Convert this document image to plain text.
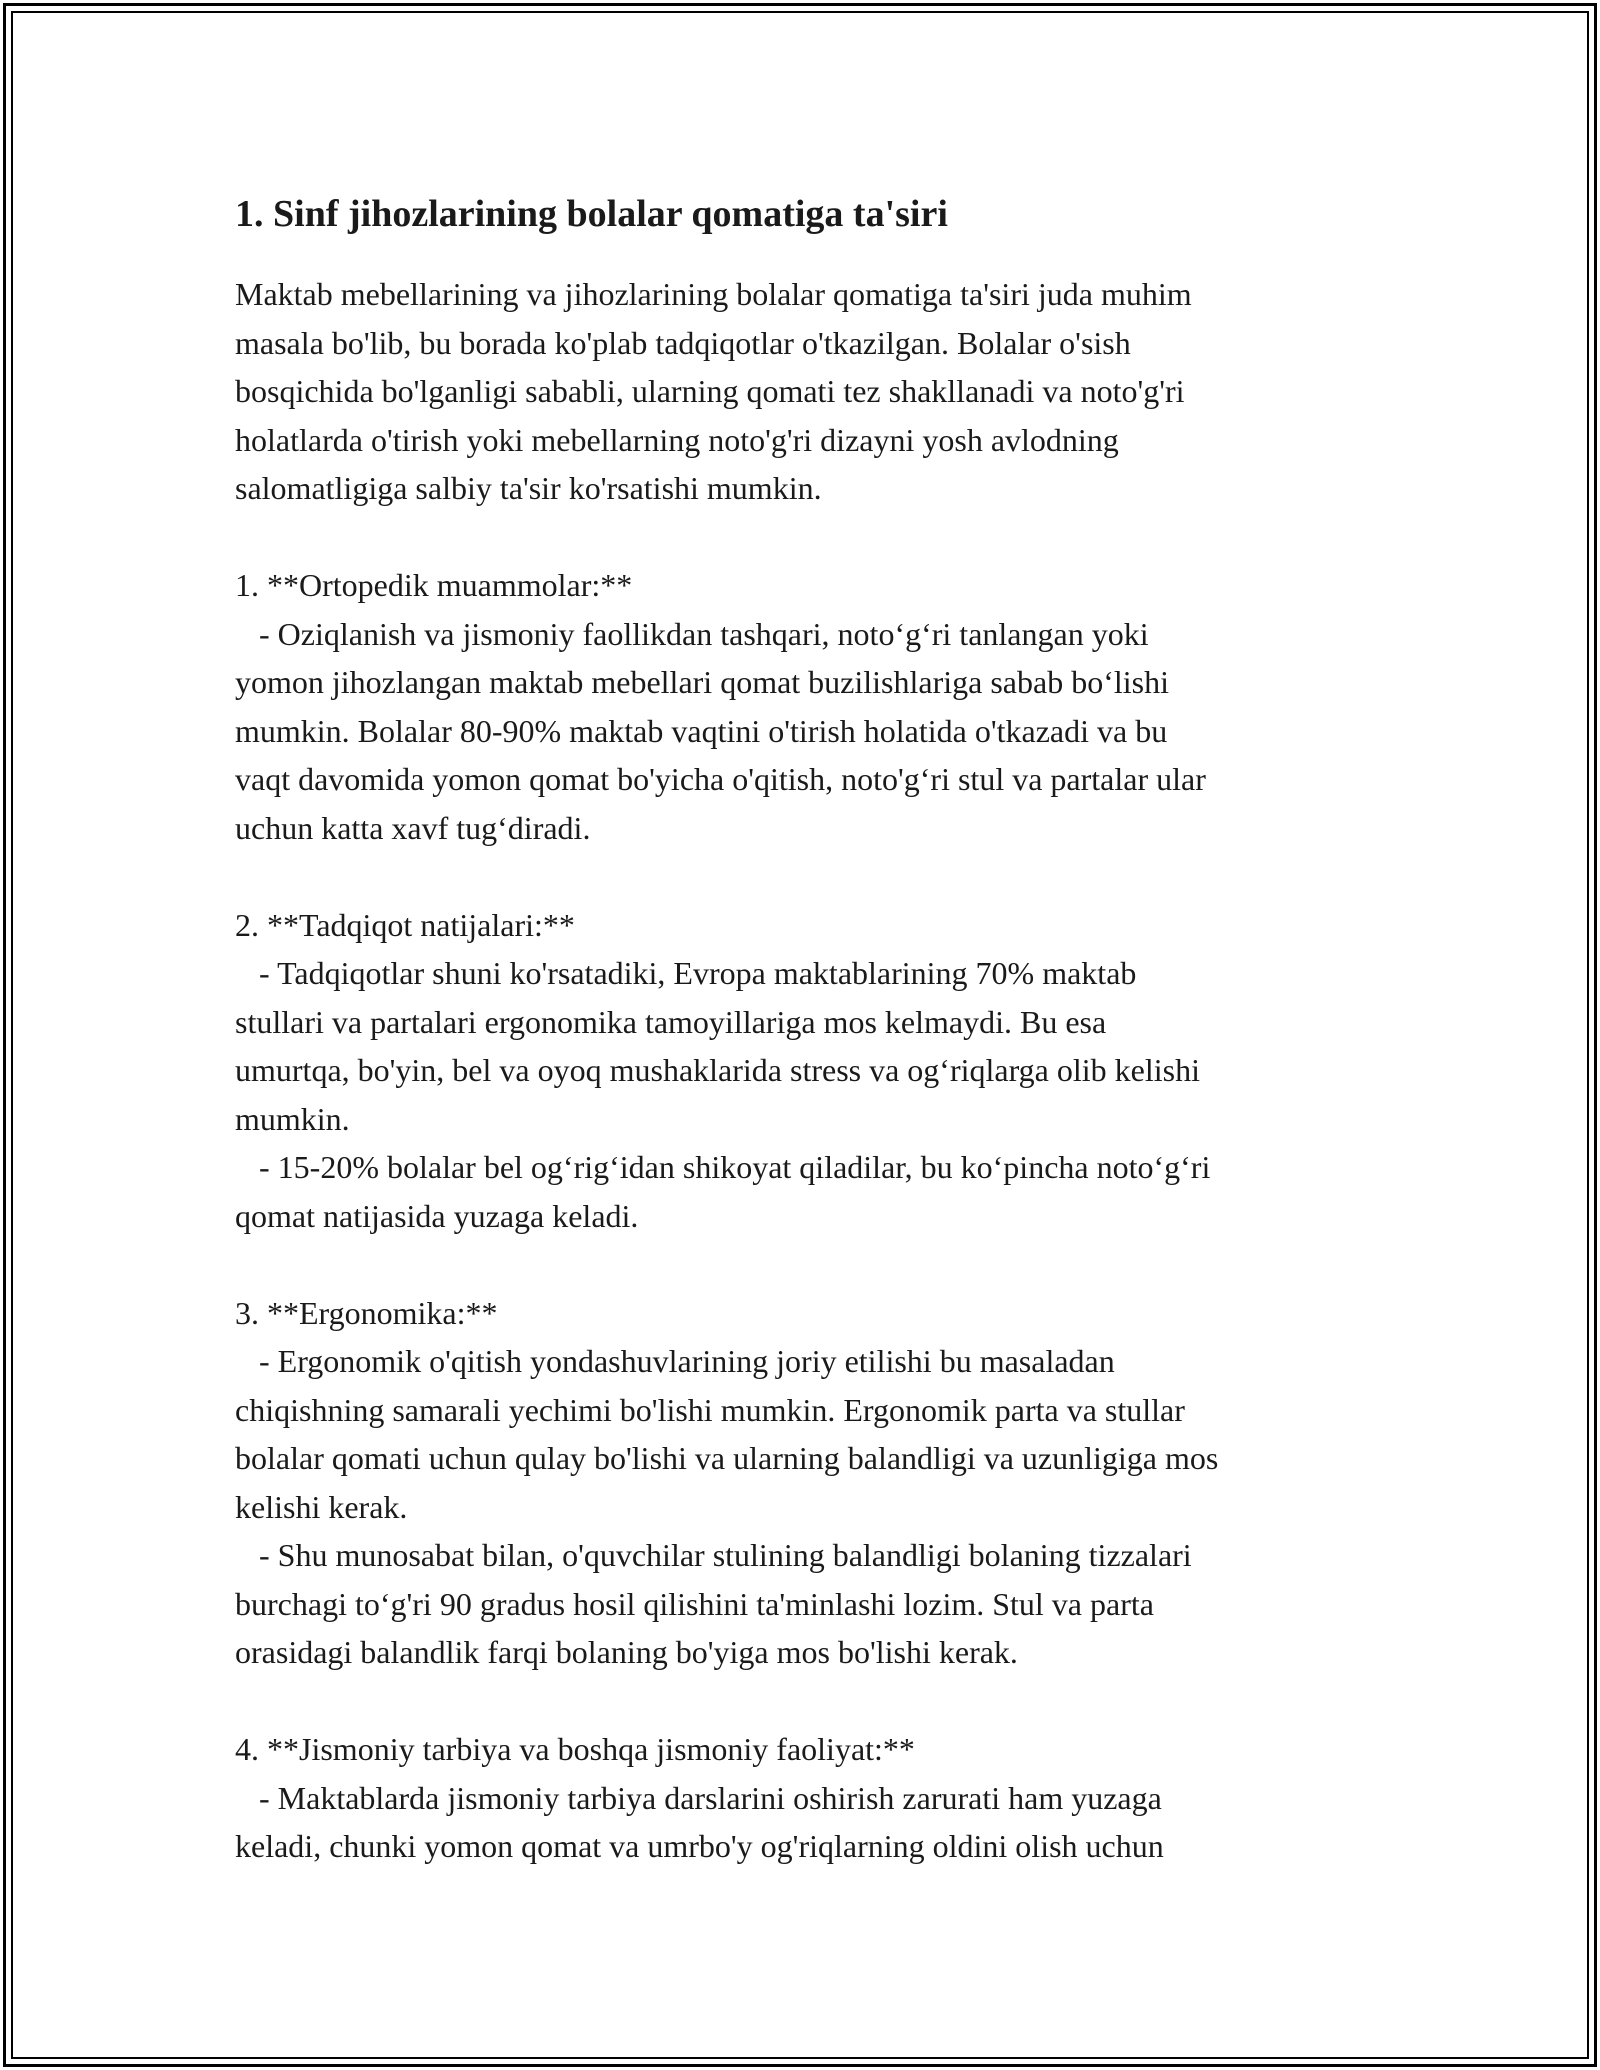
1. Sinf jihozlarining bolalar qomatiga ta'siri
Maktab mebellarining va jihozlarining bolalar qomatiga ta'siri juda muhim
masala bo'lib, bu borada ko'plab tadqiqotlar o'tkazilgan. Bolalar o'sish
bosqichida bo'lganligi sababli, ularning qomati tez shakllanadi va noto'g'ri
holatlarda o'tirish yoki mebellarning noto'g'ri dizayni yosh avlodning
salomatligiga salbiy ta'sir ko'rsatishi mumkin.
1. **Ortopedik muammolar:**
- Oziqlanish va jismoniy faollikdan tashqari, noto‘g‘ri tanlangan yoki
yomon jihozlangan maktab mebellari qomat buzilishlariga sabab bo‘lishi
mumkin. Bolalar 80-90% maktab vaqtini o'tirish holatida o'tkazadi va bu
vaqt davomida yomon qomat bo'yicha o'qitish, noto'g‘ri stul va partalar ular
uchun katta xavf tug‘diradi.
2. **Tadqiqot natijalari:**
- Tadqiqotlar shuni ko'rsatadiki, Evropa maktablarining 70% maktab
stullari va partalari ergonomika tamoyillariga mos kelmaydi. Bu esa
umurtqa, bo'yin, bel va oyoq mushaklarida stress va og‘riqlarga olib kelishi
mumkin.
- 15-20% bolalar bel og‘rig‘idan shikoyat qiladilar, bu ko‘pincha noto‘g‘ri
qomat natijasida yuzaga keladi.
3. **Ergonomika:**
- Ergonomik o'qitish yondashuvlarining joriy etilishi bu masaladan
chiqishning samarali yechimi bo'lishi mumkin. Ergonomik parta va stullar
bolalar qomati uchun qulay bo'lishi va ularning balandligi va uzunligiga mos
kelishi kerak.
- Shu munosabat bilan, o'quvchilar stulining balandligi bolaning tizzalari
burchagi to‘g'ri 90 gradus hosil qilishini ta'minlashi lozim. Stul va parta
orasidagi balandlik farqi bolaning bo'yiga mos bo'lishi kerak.
4. **Jismoniy tarbiya va boshqa jismoniy faoliyat:**
- Maktablarda jismoniy tarbiya darslarini oshirish zarurati ham yuzaga
keladi, chunki yomon qomat va umrbo'y og'riqlarning oldini olish uchun
